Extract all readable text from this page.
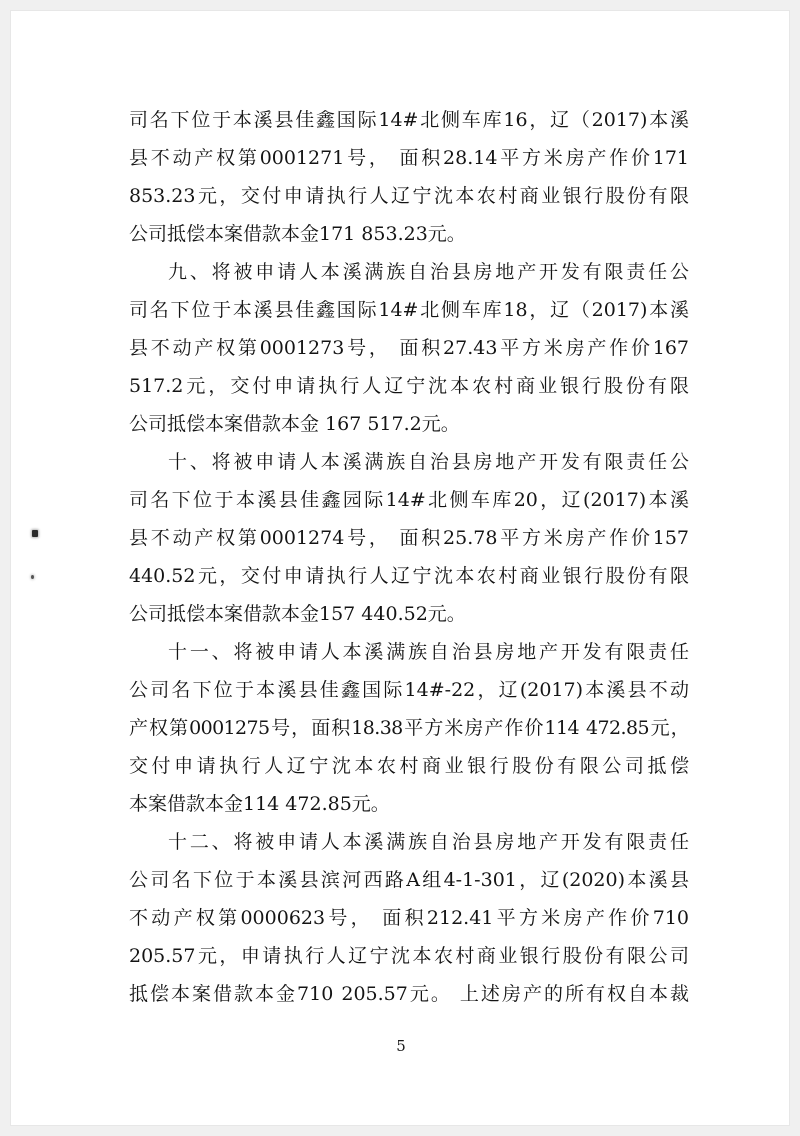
司名下位于本溪县佳鑫国际14#北侧车库16，辽（2017)本溪
县不动产权第0001271号， 面积28.14平方米房产作价171
853.23元，交付申请执行人辽宁沈本农村商业银行股份有限
公司抵偿本案借款本金171 853.23元。
九、将被申请人本溪满族自治县房地产开发有限责任公
司名下位于本溪县佳鑫国际14#北侧车库18，辽（2017)本溪
县不动产权第0001273号， 面积27.43平方米房产作价167
517.2元，交付申请执行人辽宁沈本农村商业银行股份有限
公司抵偿本案借款本金 167 517.2元。
十、将被申请人本溪满族自治县房地产开发有限责任公
司名下位于本溪县佳鑫园际14#北侧车库20，辽(2017)本溪
县不动产权第0001274号， 面积25.78平方米房产作价157
440.52元，交付申请执行人辽宁沈本农村商业银行股份有限
公司抵偿本案借款本金157 440.52元。
十一、将被申请人本溪满族自治县房地产开发有限责任
公司名下位于本溪县佳鑫国际14#-22，辽(2017)本溪县不动
产权第0001275号，面积18.38平方米房产作价114 472.85元，
交付申请执行人辽宁沈本农村商业银行股份有限公司抵偿
本案借款本金114 472.85元。
十二、将被申请人本溪满族自治县房地产开发有限责任
公司名下位于本溪县滨河西路A组4-1-301，辽(2020)本溪县
不动产权第0000623号， 面积212.41平方米房产作价710
205.57元，申请执行人辽宁沈本农村商业银行股份有限公司
抵偿本案借款本金710 205.57元。 上述房产的所有权自本裁
5
